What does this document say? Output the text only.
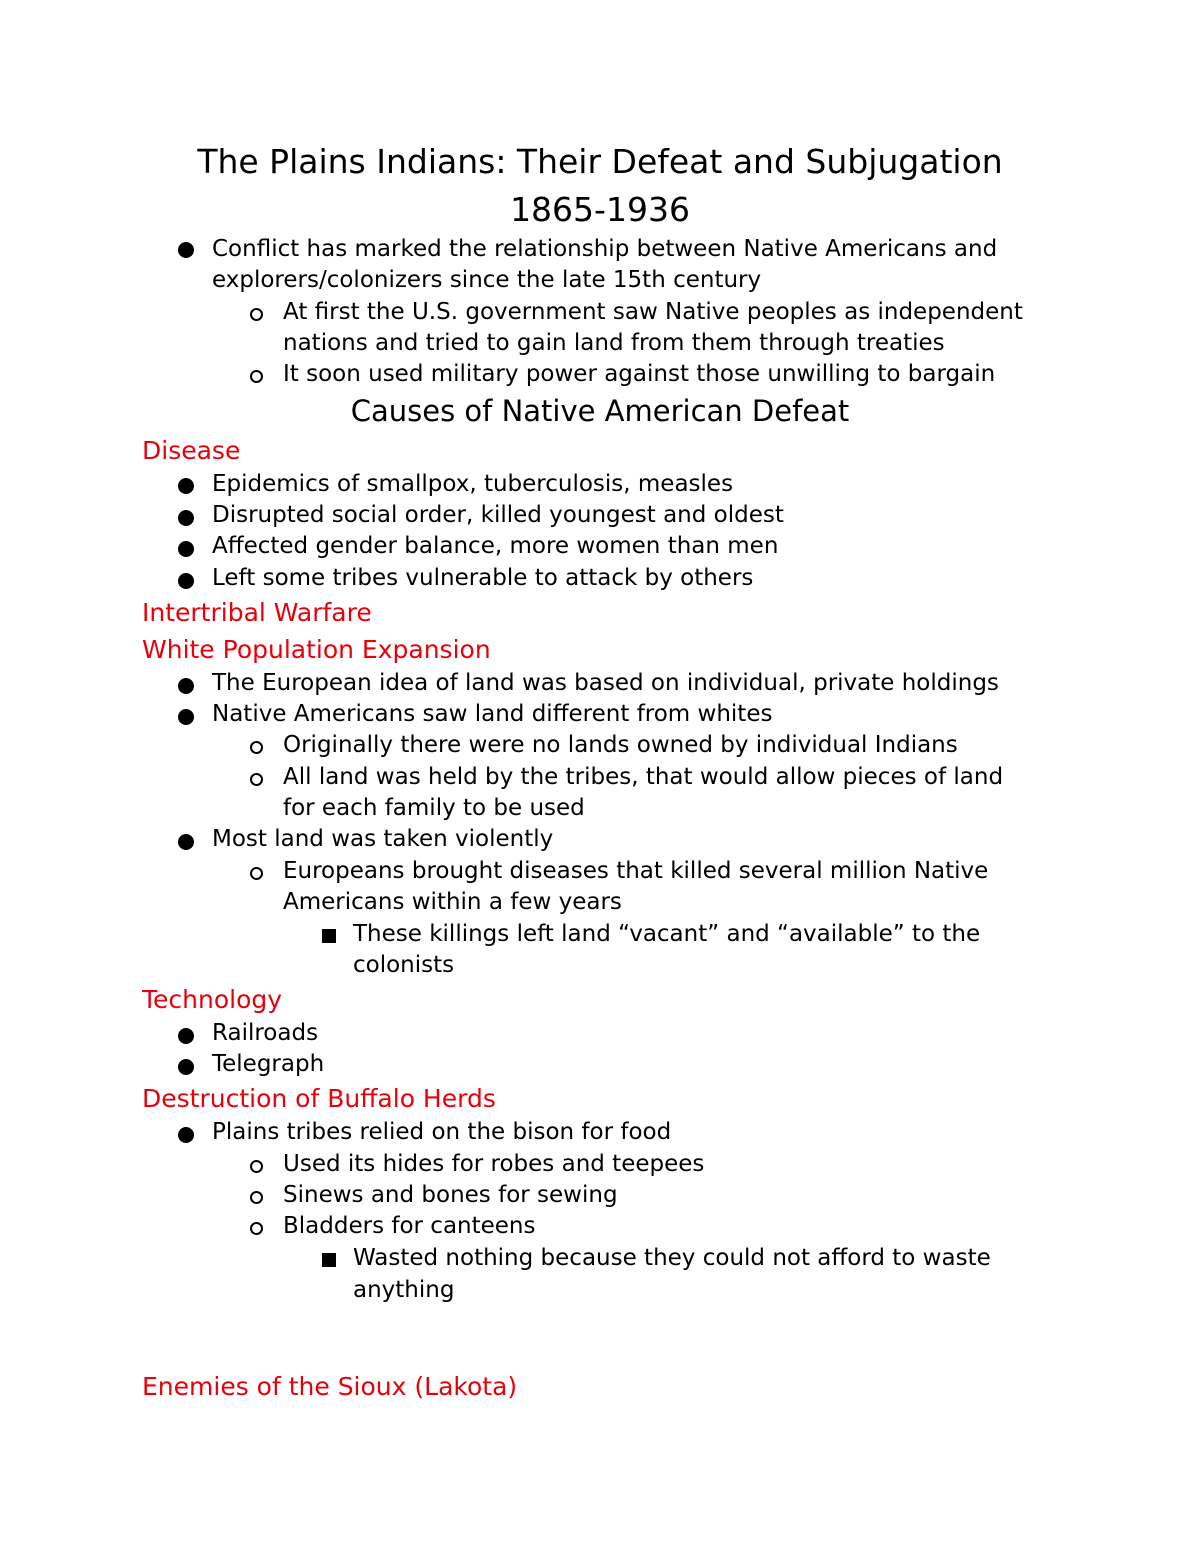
The Plains Indians: Their Defeat and Subjugation
1865-1936
Conflict has marked the relationship between Native Americans and
explorers/colonizers since the late 15th century
At first the U.S. government saw Native peoples as independent
nations and tried to gain land from them through treaties
It soon used military power against those unwilling to bargain
Causes of Native American Defeat
Disease
Epidemics of smallpox, tuberculosis, measles
Disrupted social order, killed youngest and oldest
Affected gender balance, more women than men
Left some tribes vulnerable to attack by others
Intertribal Warfare
White Population Expansion
The European idea of land was based on individual, private holdings
Native Americans saw land different from whites
Originally there were no lands owned by individual Indians
All land was held by the tribes, that would allow pieces of land
for each family to be used
Most land was taken violently
Europeans brought diseases that killed several million Native
Americans within a few years
These killings left land “vacant” and “available” to the
colonists
Technology
Railroads
Telegraph
Destruction of Buffalo Herds
Plains tribes relied on the bison for food
Used its hides for robes and teepees
Sinews and bones for sewing
Bladders for canteens
Wasted nothing because they could not afford to waste
anything
Enemies of the Sioux (Lakota)
